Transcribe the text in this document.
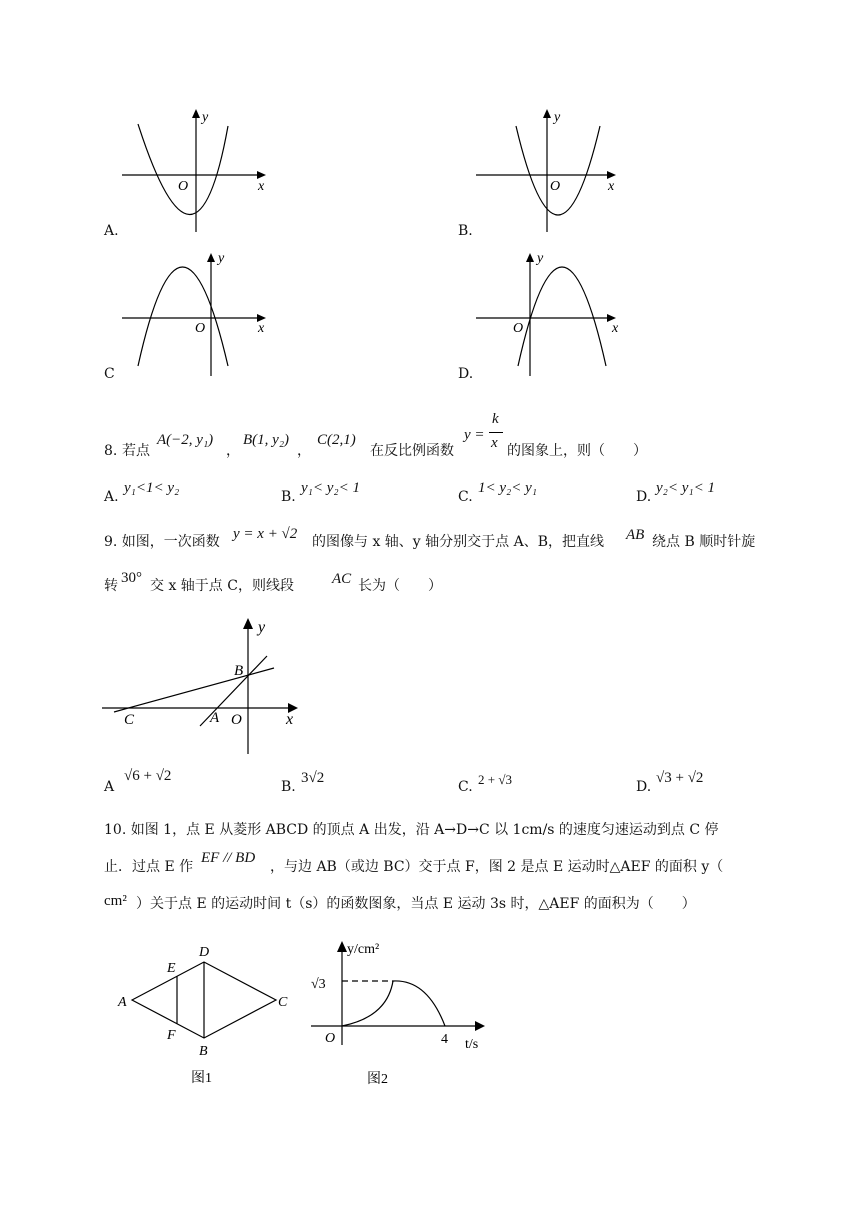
y
x
O
A.
y
x
O
B.
y
x
O
C
y
x
O
D.
8. 若点
A(−2, y₁)
，
B(1, y₂)
，
C(2,1)
在反比例函数
y =
k
x 的图象上，则（　　）
A.
y₁<1< y₂
B.
y₁< y₂< 1
C.
1< y₂< y₁
D.
y₂< y₁< 1
9. 如图，一次函数 y = x + √2 的图像与 x 轴、y 轴分别交于点 A、B，把直线 AB 绕点 B 顺时针旋
转 30° 交 x 轴于点 C，则线段	AC 长为（　　）
y
x
B
C	A O
A
√6 + √2
B.
3√2
C. 2 + √3	D.
√3 + √2
10. 如图 1，点 E 从菱形 ABCD 的顶点 A 出发，沿 A→D→C 以 1cm/s 的速度匀速运动到点 C 停
止．过点 E 作
EF // BD
，与边 AB（或边 BC）交于点 F，图 2 是点 E 运动时△AEF 的面积 y（
cm² ）关于点 E 的运动时间 t（s）的函数图象，当点 E 运动 3s 时，△AEF 的面积为（　　）
A
D
C
B
E
F
图1
y/cm²
√3
O	4 t/s
图2
